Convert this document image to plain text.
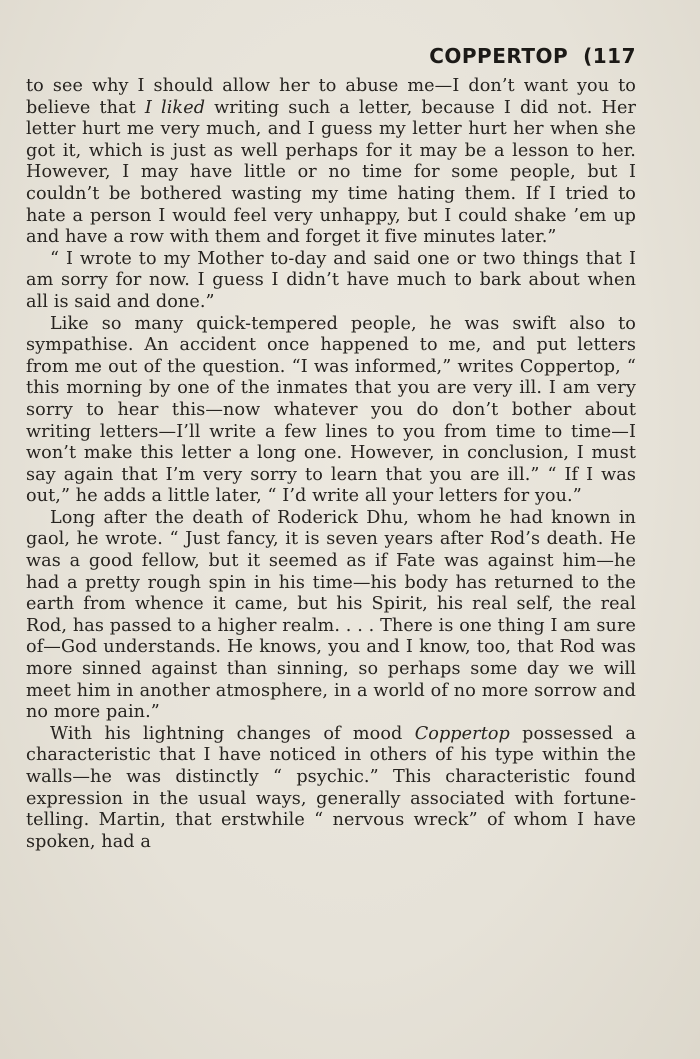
COPPERTOP (117

to see why I should allow her to abuse me—I don’t want you to believe that I liked writing such a letter, because I did not. Her letter hurt me very much, and I guess my letter hurt her when she got it, which is just as well perhaps for it may be a lesson to her. However, I may have little or no time for some people, but I couldn’t be bothered wasting my time hating them. If I tried to hate a person I would feel very unhappy, but I could shake ’em up and have a row with them and forget it five minutes later.”

“ I wrote to my Mother to-day and said one or two things that I am sorry for now. I guess I didn’t have much to bark about when all is said and done.”

Like so many quick-tempered people, he was swift also to sympathise. An accident once happened to me, and put letters from me out of the question. “I was informed,” writes Coppertop, “ this morning by one of the inmates that you are very ill. I am very sorry to hear this—now whatever you do don’t bother about writing letters—I’ll write a few lines to you from time to time—I won’t make this letter a long one. However, in conclusion, I must say again that I’m very sorry to learn that you are ill.” “ If I was out,” he adds a little later, “ I’d write all your letters for you.”

Long after the death of Roderick Dhu, whom he had known in gaol, he wrote. “ Just fancy, it is seven years after Rod’s death. He was a good fellow, but it seemed as if Fate was against him—he had a pretty rough spin in his time—his body has returned to the earth from whence it came, but his Spirit, his real self, the real Rod, has passed to a higher realm. . . . There is one thing I am sure of—God understands. He knows, you and I know, too, that Rod was more sinned against than sinning, so perhaps some day we will meet him in another atmosphere, in a world of no more sorrow and no more pain.”

With his lightning changes of mood Coppertop possessed a characteristic that I have noticed in others of his type within the walls—he was distinctly “ psychic.” This characteristic found expression in the usual ways, generally associated with fortune-telling. Martin, that erstwhile “ nervous wreck” of whom I have spoken, had a
